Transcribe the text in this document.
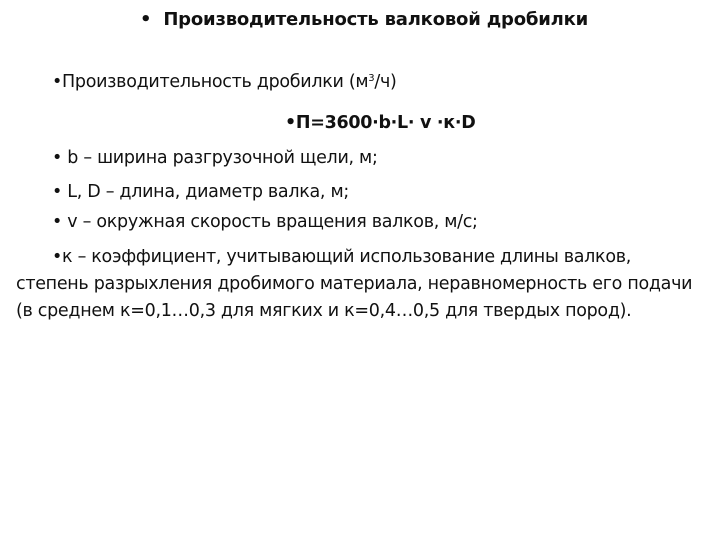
• Производительность валковой дробилки
•Производительность дробилки $(м^3/ч)$
•П=3600·b·L· v ·к·D
• b – ширина разгрузочной щели, м;
• L, D – длина, диаметр валка, м;
• v – окружная скорость вращения валков, м/с;
•к – коэффициент, учитывающий использование длины валков, степень разрыхления дробимого материала, неравномерность его подачи (в среднем к=0,1…0,3 для мягких и к=0,4…0,5 для твердых пород).
